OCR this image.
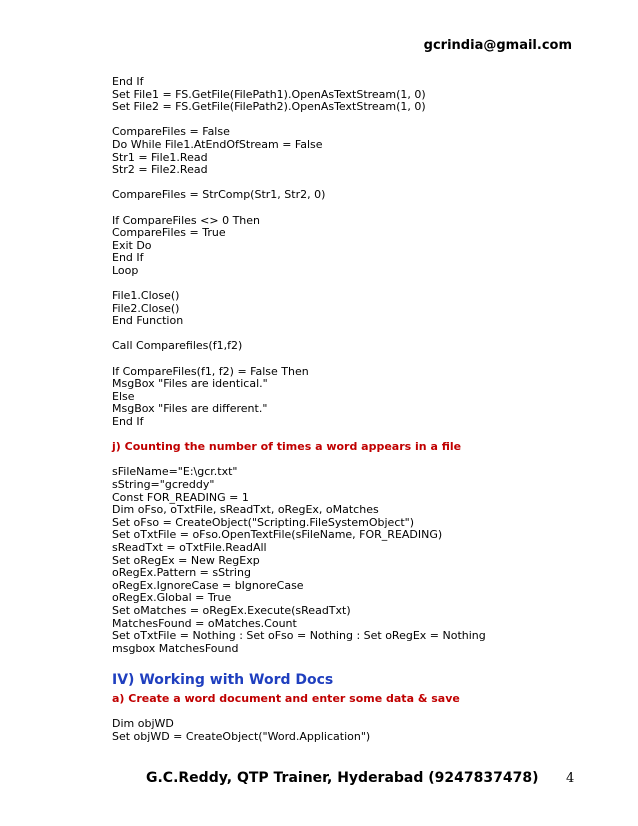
gcrindia@gmail.com
End If
Set File1 = FS.GetFile(FilePath1).OpenAsTextStream(1, 0)
Set File2 = FS.GetFile(FilePath2).OpenAsTextStream(1, 0)
CompareFiles = False
Do While File1.AtEndOfStream = False
Str1 = File1.Read
Str2 = File2.Read
CompareFiles = StrComp(Str1, Str2, 0)
If CompareFiles <> 0 Then
CompareFiles = True
Exit Do
End If
Loop
File1.Close()
File2.Close()
End Function
Call Comparefiles(f1,f2)
If CompareFiles(f1, f2) = False Then
MsgBox "Files are identical."
Else
MsgBox "Files are different."
End If
j) Counting the number of times a word appears in a file
sFileName="E:\gcr.txt"
sString="gcreddy"
Const FOR_READING = 1
Dim oFso, oTxtFile, sReadTxt, oRegEx, oMatches
Set oFso = CreateObject("Scripting.FileSystemObject")
Set oTxtFile = oFso.OpenTextFile(sFileName, FOR_READING)
sReadTxt = oTxtFile.ReadAll
Set oRegEx = New RegExp
oRegEx.Pattern = sString
oRegEx.IgnoreCase = bIgnoreCase
oRegEx.Global = True
Set oMatches = oRegEx.Execute(sReadTxt)
MatchesFound = oMatches.Count
Set oTxtFile = Nothing : Set oFso = Nothing : Set oRegEx = Nothing
msgbox MatchesFound
IV) Working with Word Docs
a) Create a word document and enter some data & save
Dim objWD
Set objWD = CreateObject("Word.Application")
G.C.Reddy, QTP Trainer, Hyderabad (9247837478) 4
